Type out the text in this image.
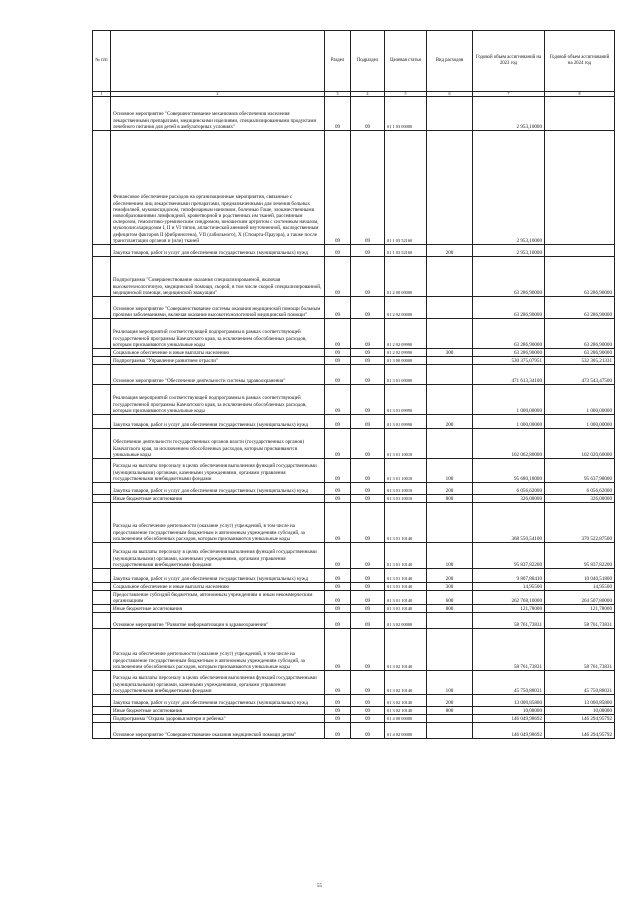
№ п/п		Раздел	Подраздел	Целевая статья	Вид расходов	Годовой объем ассигнований на 2023 год	Годовой объем ассигнований на 2024 год
1	2	3	4	5	6	7	8
	Основное мероприятие "Совершенствование механизмов обеспечения населения лекарственными препаратами, медицинскими изделиями, специализированными продуктами лечебного питания для детей в амбулаторных условиях"	09	09	01 1 03 00000		2 953,10000	
	Финансовое обеспечение расходов на организационные мероприятия, связанные с обеспечением лиц лекарственными препаратами, предназначенными для лечения больных гемофилией, муковисцидозом, гипофизарным нанизмом, болезнью Гоше, злокачественными новообразованиями лимфоидной, кроветворной и родственных им тканей, рассеянным склерозом, гемолитико-уремическим синдромом, юношеским артритом с системным началом, мукополисахаридозом I, II и VI типов, апластической анемией неуточненной, наследственным дефицитом факторов II (фибриногена), VII (лабильного), X (Стюарта-Прауэра), а также после трансплантации органов и (или) тканей	09	09	01 1 03 52160		2 953,10000	
	Закупка товаров, работ и услуг для обеспечения государственных (муниципальных) нужд	09	09	01 1 03 52160	200	2 953,10000	
	Подпрограмма "Совершенствование оказания специализированной, включая высокотехнологичную, медицинской помощи, скорой, в том числе скорой специализированной, медицинской помощи, медицинской эвакуации"	09	09	01 2 00 00000		63 286,90000	63 286,90000
	Основное мероприятие "Совершенствование системы оказания медицинской помощи больным прочими заболеваниями, включая оказание высокотехнологичной медицинской помощи"	09	09	01 2 02 00000		63 286,90000	63 286,90000
	Реализация мероприятий соответствующей подпрограммы в рамках соответствующей государственной программы Камчатского края, за исключением обособленных расходов, которым присваиваются уникальные коды	09	09	01 2 02 09990		63 286,90000	63 286,90000
	Социальное обеспечение и иные выплаты населению	09	09	01 2 02 09990	300	63 286,90000	63 286,90000
	Подпрограмма "Управление развитием отрасли"	09	09	01 3 00 00000		530 375,07951	532 305,21331
	Основное мероприятие "Обеспечение деятельности системы здравоохранения"	09	09	01 3 01 00000		471 613,34100	473 543,47500
	Реализация мероприятий соответствующей подпрограммы в рамках соответствующей государственной программы Камчатского края, за исключением обособленных расходов, которым присваиваются уникальные коды	09	09	01 3 01 09990		1 000,00000	1 000,00000
	Закупка товаров, работ и услуг для обеспечения государственных (муниципальных) нужд	09	09	01 3 01 09990	200	1 000,00000	1 000,00000
	Обеспечение деятельности государственных органов власти (государственных органов) Камчатского края, за исключением обособленных расходов, которым присваиваются уникальные коды	09	09	01 3 01 10010		102 062,80000	102 020,60000
	Расходы на выплаты персоналу в целях обеспечения выполнения функций государственными (муниципальными) органами, казенными учреждениями, органами управления государственными внебюджетными фондами	09	09	01 3 01 10010	100	95 680,18000	95 637,98000
	Закупка товаров, работ и услуг для обеспечения государственных (муниципальных) нужд	09	09	01 3 01 10010	200	6 056,62000	6 056,62000
	Иные бюджетные ассигнования	09	09	01 3 01 10010	800	326,00000	326,00000
	Расходы на обеспечение деятельности (оказание услуг) учреждений, в том числе на предоставление государственным бюджетным и автономным учреждениям субсидий, за исключением обособленных расходов, которым присваиваются уникальные коды	09	09	01 3 01 10140		368 550,54100	370 522,87500
	Расходы на выплаты персоналу в целях обеспечения выполнения функций государственными (муниципальными) органами, казенными учреждениями, органами управления государственными внебюджетными фондами	09	09	01 3 01 10140	100	95 837,82200	95 837,82200
	Закупка товаров, работ и услуг для обеспечения государственных (муниципальных) нужд	09	09	01 3 01 10140	200	9 807,88410	10 040,51800
	Социальное обеспечение и иные выплаты населению	09	09	01 3 01 10140	300	14,95500	14,95500
	Предоставление субсидий бюджетным, автономным учреждениям и иным некоммерческим организациям	09	09	01 3 01 10140	600	262 768,10000	264 507,80000
	Иные бюджетные ассигнования	09	09	01 3 01 10140	800	121,78000	121,78000
	Основное мероприятие "Развитие информатизации в здравоохранении"	09	09	01 3 02 00000		58 761,73831	58 761,73831
	Расходы на обеспечение деятельности (оказание услуг) учреждений, в том числе на предоставление государственным бюджетным и автономным учреждениям субсидий, за исключением обособленных расходов, которым присваиваются уникальные коды	09	09	01 3 02 10140		58 761,73831	58 761,73831
	Расходы на выплаты персоналу в целях обеспечения выполнения функций государственными (муниципальными) органами, казенными учреждениями, органами управления государственными внебюджетными фондами	09	09	01 3 02 10140	100	45 750,88031	45 750,88031
	Закупка товаров, работ и услуг для обеспечения государственных (муниципальных) нужд	09	09	01 3 02 10140	200	13 000,85800	13 000,85800
	Иные бюджетные ассигнования	09	09	01 3 02 10140	800	10,00000	10,00000
	Подпрограмма "Охрана здоровья матери и ребенка"	09	09	01 4 00 00000		146 049,98692	146 294,95792
	Основное мероприятие "Совершенствование оказания медицинской помощи детям"	09	09	01 4 02 00000		146 049,98692	146 294,95792
55
